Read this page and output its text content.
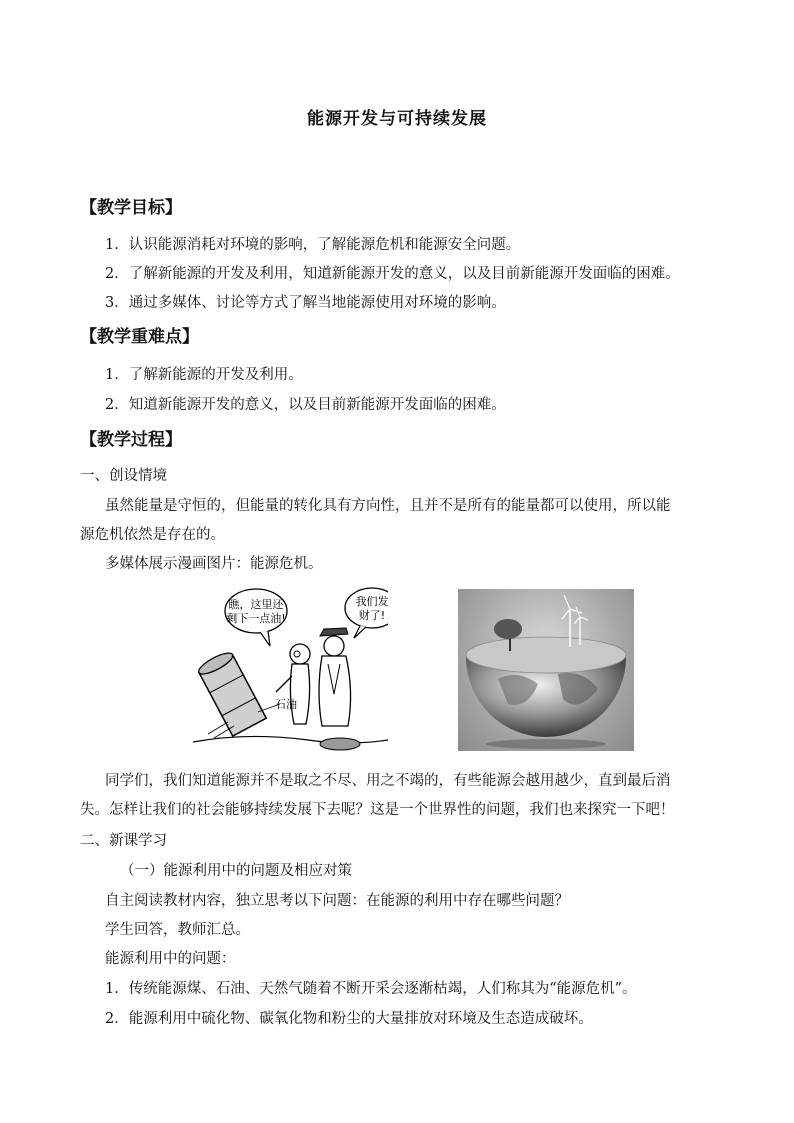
能源开发与可持续发展
【教学目标】
1．认识能源消耗对环境的影响，了解能源危机和能源安全问题。
2．了解新能源的开发及利用，知道新能源开发的意义，以及目前新能源开发面临的困难。
3．通过多媒体、讨论等方式了解当地能源使用对环境的影响。
【教学重难点】
1．了解新能源的开发及利用。
2．知道新能源开发的意义，以及目前新能源开发面临的困难。
【教学过程】
一、创设情境
虽然能量是守恒的，但能量的转化具有方向性，且并不是所有的能量都可以使用，所以能
源危机依然是存在的。
多媒体展示漫画图片：能源危机。
瞧，这里还
剩下一点油!
我们发
财了!
石油
同学们，我们知道能源并不是取之不尽、用之不竭的，有些能源会越用越少，直到最后消
失。怎样让我们的社会能够持续发展下去呢？这是一个世界性的问题，我们也来探究一下吧！
二、新课学习
（一）能源利用中的问题及相应对策
自主阅读教材内容，独立思考以下问题：在能源的利用中存在哪些问题？
学生回答，教师汇总。
能源利用中的问题：
1．传统能源煤、石油、天然气随着不断开采会逐渐枯竭，人们称其为“能源危机”。
2．能源利用中硫化物、碳氧化物和粉尘的大量排放对环境及生态造成破坏。
